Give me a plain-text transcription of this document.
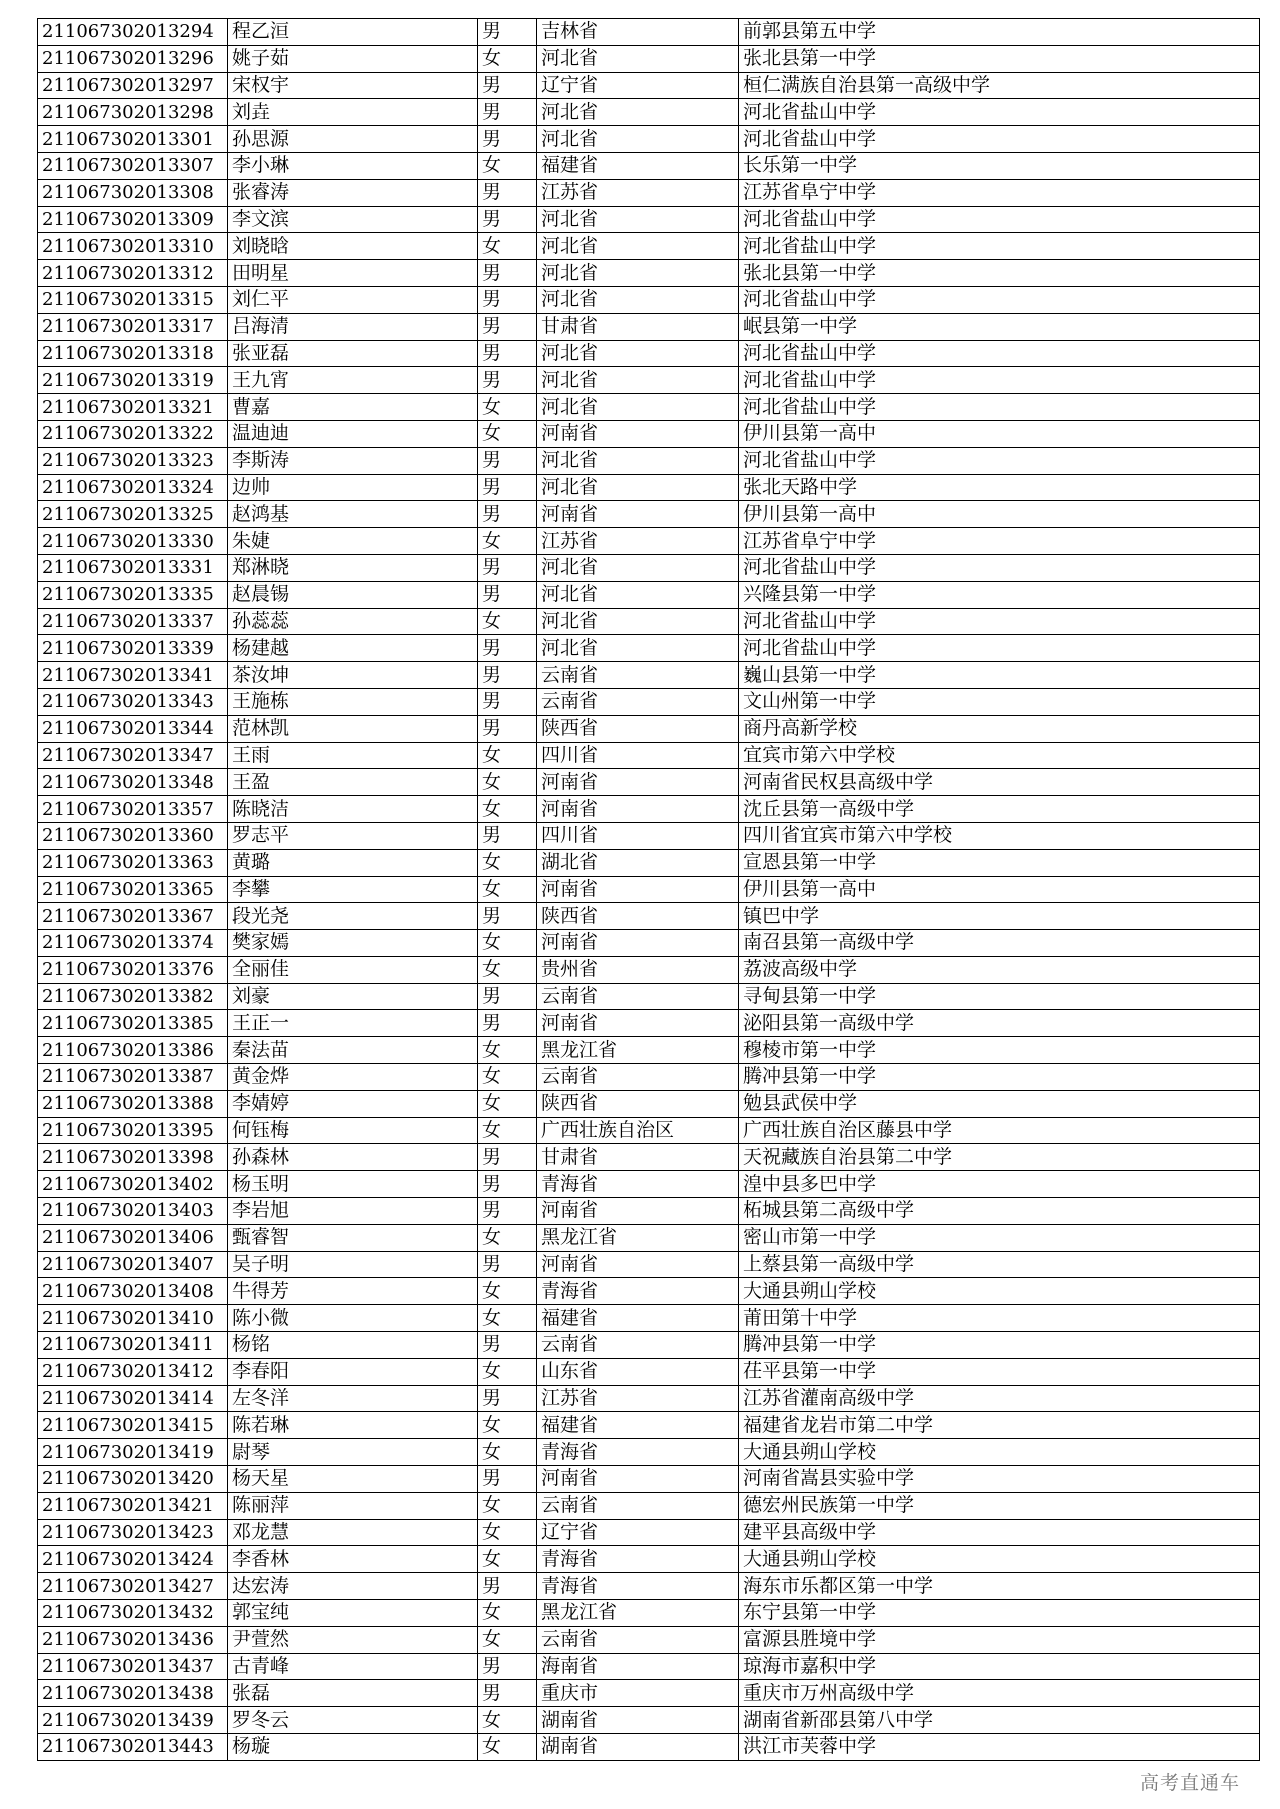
211067302013294	程乙洹	男	吉林省	前郭县第五中学
211067302013296	姚子茹	女	河北省	张北县第一中学
211067302013297	宋权宇	男	辽宁省	桓仁满族自治县第一高级中学
211067302013298	刘垚	男	河北省	河北省盐山中学
211067302013301	孙思源	男	河北省	河北省盐山中学
211067302013307	李小琳	女	福建省	长乐第一中学
211067302013308	张睿涛	男	江苏省	江苏省阜宁中学
211067302013309	李文滨	男	河北省	河北省盐山中学
211067302013310	刘晓晗	女	河北省	河北省盐山中学
211067302013312	田明星	男	河北省	张北县第一中学
211067302013315	刘仁平	男	河北省	河北省盐山中学
211067302013317	吕海清	男	甘肃省	岷县第一中学
211067302013318	张亚磊	男	河北省	河北省盐山中学
211067302013319	王九宵	男	河北省	河北省盐山中学
211067302013321	曹嘉	女	河北省	河北省盐山中学
211067302013322	温迪迪	女	河南省	伊川县第一高中
211067302013323	李斯涛	男	河北省	河北省盐山中学
211067302013324	边帅	男	河北省	张北天路中学
211067302013325	赵鸿基	男	河南省	伊川县第一高中
211067302013330	朱婕	女	江苏省	江苏省阜宁中学
211067302013331	郑淋晓	男	河北省	河北省盐山中学
211067302013335	赵晨锡	男	河北省	兴隆县第一中学
211067302013337	孙蕊蕊	女	河北省	河北省盐山中学
211067302013339	杨建越	男	河北省	河北省盐山中学
211067302013341	茶汝坤	男	云南省	巍山县第一中学
211067302013343	王施栋	男	云南省	文山州第一中学
211067302013344	范林凯	男	陕西省	商丹高新学校
211067302013347	王雨	女	四川省	宜宾市第六中学校
211067302013348	王盈	女	河南省	河南省民权县高级中学
211067302013357	陈晓洁	女	河南省	沈丘县第一高级中学
211067302013360	罗志平	男	四川省	四川省宜宾市第六中学校
211067302013363	黄璐	女	湖北省	宣恩县第一中学
211067302013365	李攀	女	河南省	伊川县第一高中
211067302013367	段光尧	男	陕西省	镇巴中学
211067302013374	樊家嫣	女	河南省	南召县第一高级中学
211067302013376	全丽佳	女	贵州省	荔波高级中学
211067302013382	刘豪	男	云南省	寻甸县第一中学
211067302013385	王正一	男	河南省	泌阳县第一高级中学
211067302013386	秦法苗	女	黑龙江省	穆棱市第一中学
211067302013387	黄金烨	女	云南省	腾冲县第一中学
211067302013388	李婧婷	女	陕西省	勉县武侯中学
211067302013395	何钰梅	女	广西壮族自治区	广西壮族自治区藤县中学
211067302013398	孙森林	男	甘肃省	天祝藏族自治县第二中学
211067302013402	杨玉明	男	青海省	湟中县多巴中学
211067302013403	李岩旭	男	河南省	柘城县第二高级中学
211067302013406	甄睿智	女	黑龙江省	密山市第一中学
211067302013407	吴子明	男	河南省	上蔡县第一高级中学
211067302013408	牛得芳	女	青海省	大通县朔山学校
211067302013410	陈小微	女	福建省	莆田第十中学
211067302013411	杨铭	男	云南省	腾冲县第一中学
211067302013412	李春阳	女	山东省	茌平县第一中学
211067302013414	左冬洋	男	江苏省	江苏省灌南高级中学
211067302013415	陈若琳	女	福建省	福建省龙岩市第二中学
211067302013419	尉琴	女	青海省	大通县朔山学校
211067302013420	杨天星	男	河南省	河南省嵩县实验中学
211067302013421	陈丽萍	女	云南省	德宏州民族第一中学
211067302013423	邓龙慧	女	辽宁省	建平县高级中学
211067302013424	李香林	女	青海省	大通县朔山学校
211067302013427	达宏涛	男	青海省	海东市乐都区第一中学
211067302013432	郭宝纯	女	黑龙江省	东宁县第一中学
211067302013436	尹萱然	女	云南省	富源县胜境中学
211067302013437	古青峰	男	海南省	琼海市嘉积中学
211067302013438	张磊	男	重庆市	重庆市万州高级中学
211067302013439	罗冬云	女	湖南省	湖南省新邵县第八中学
211067302013443	杨璇	女	湖南省	洪江市芙蓉中学
高考直通车
